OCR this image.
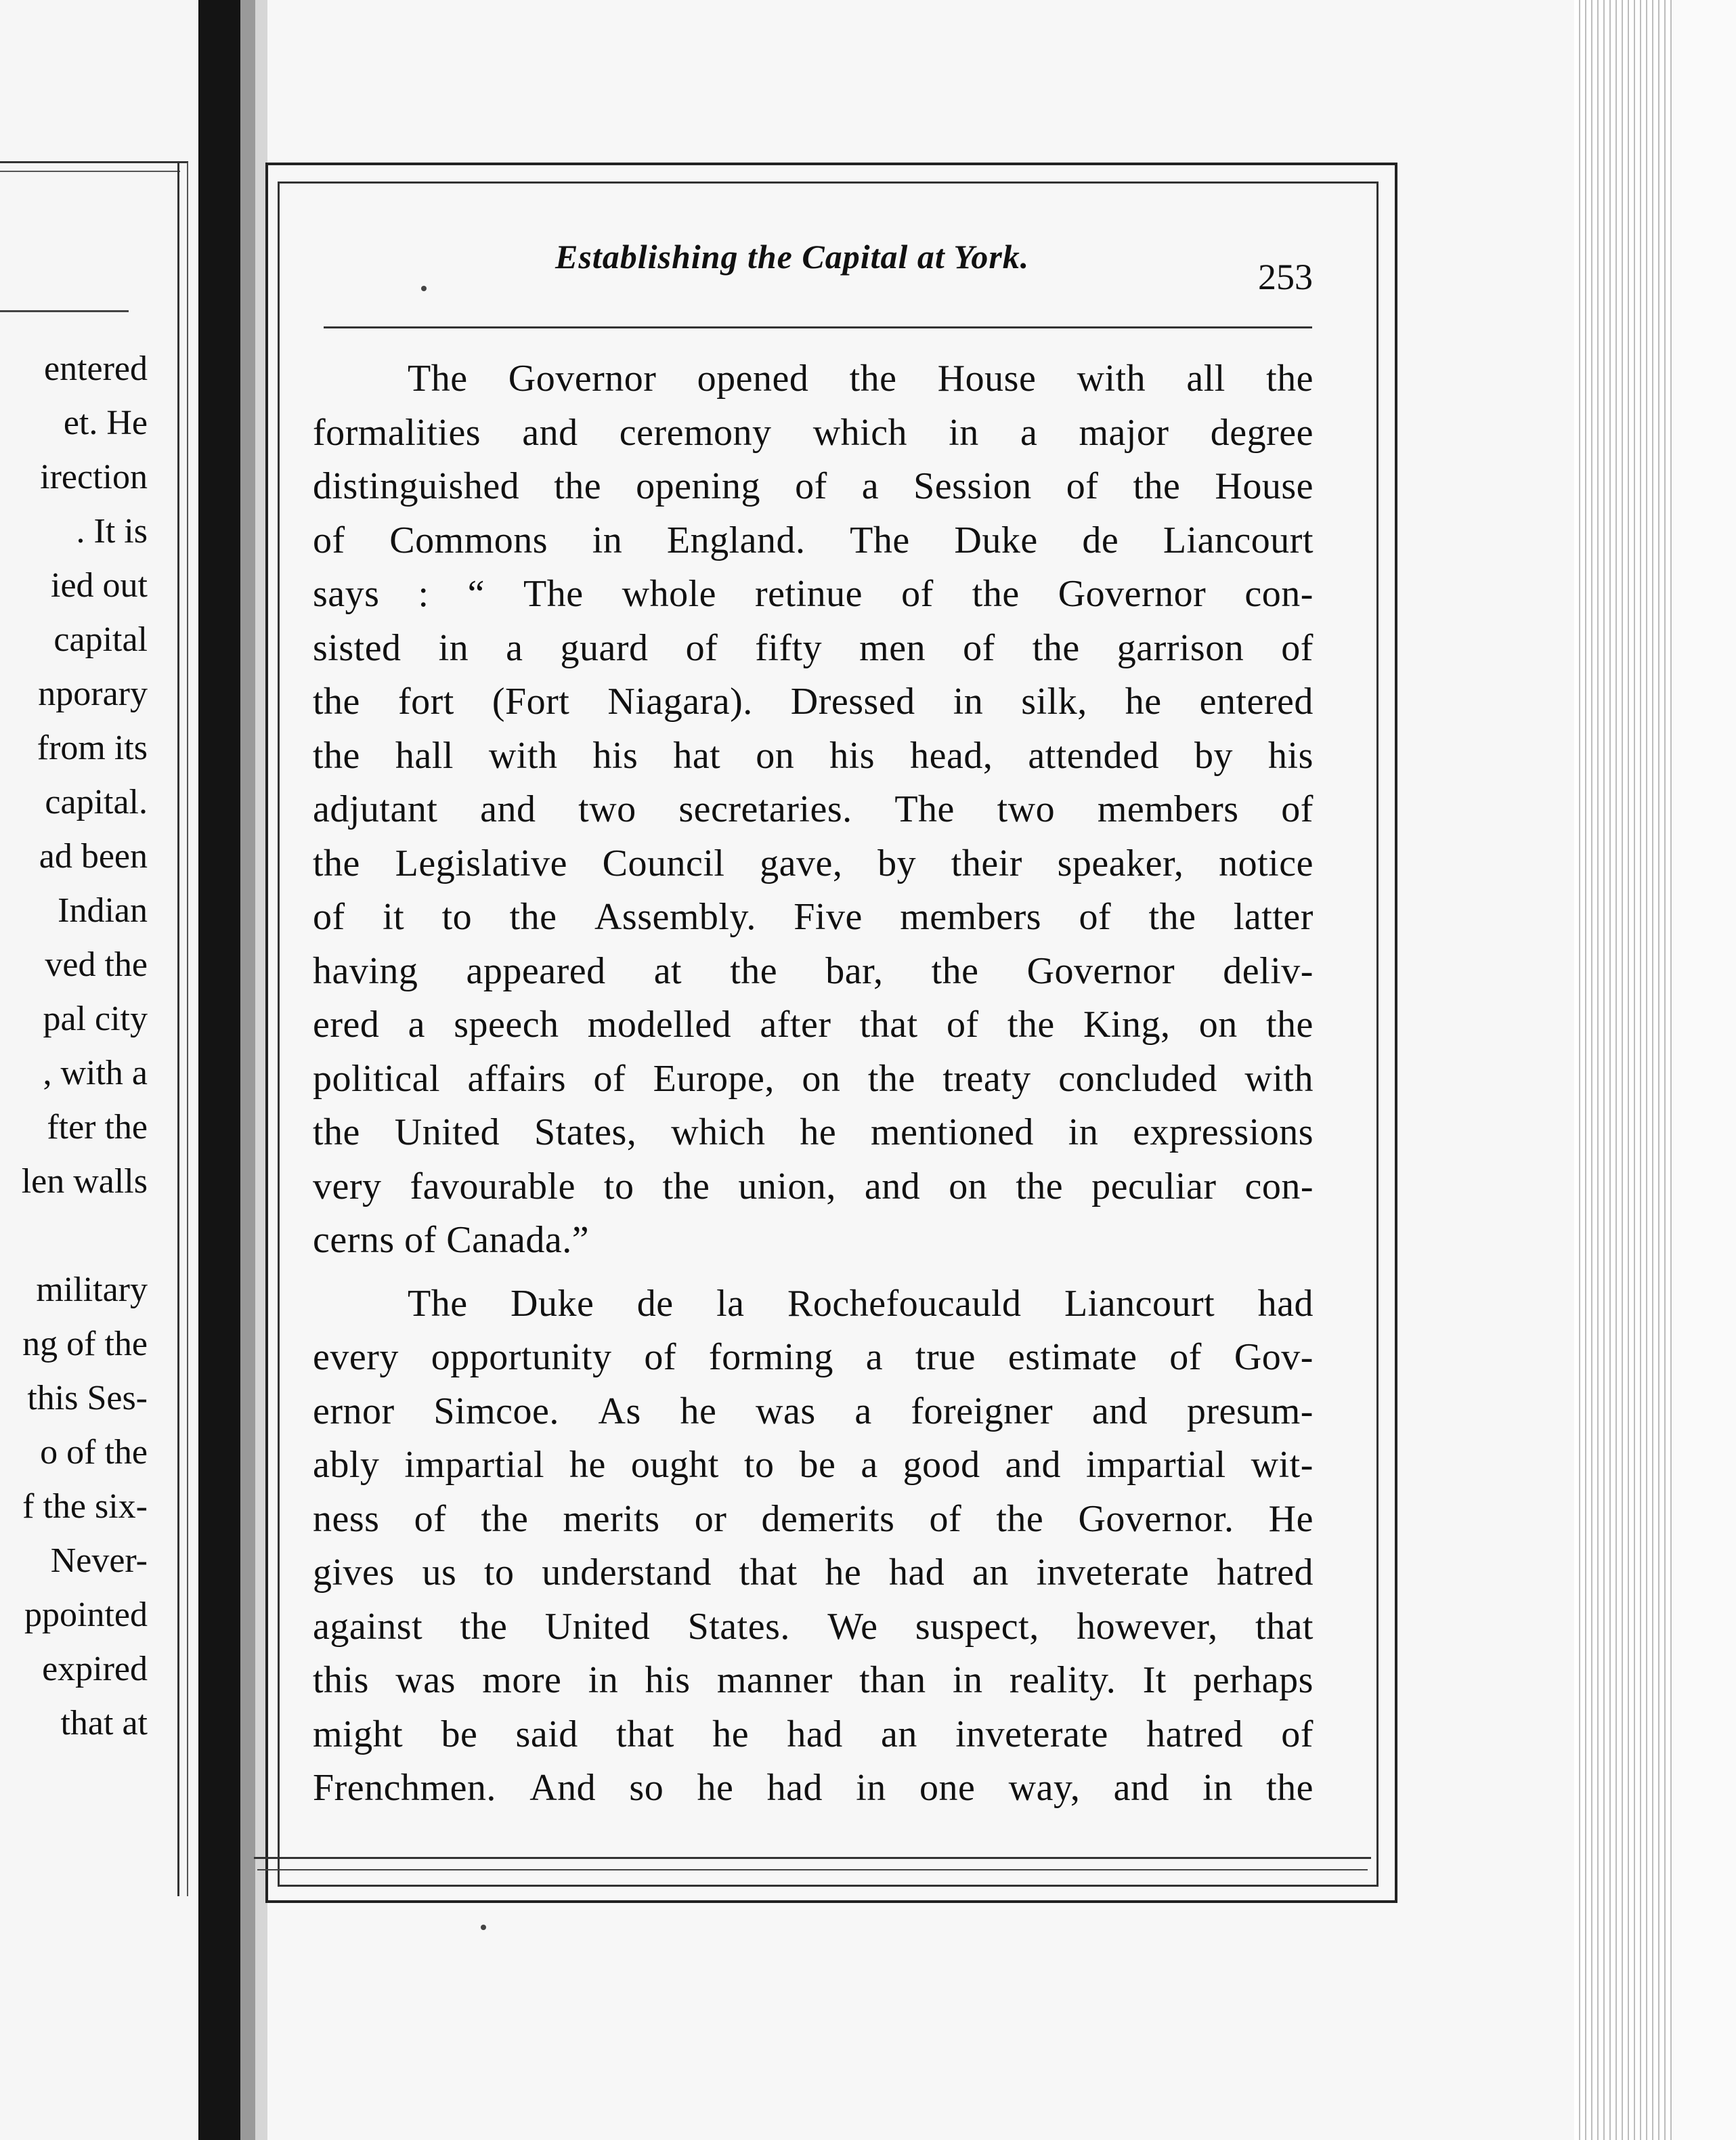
entered
et. He
irection
. It is
ied out
capital
nporary
from its
capital.
ad been
Indian
ved the
pal city
, with a
fter the
len walls
military
ng of the
this Ses-
o of the
f the six-
Never-
ppointed
expired
that at
Establishing the Capital at York.	253
The Governor opened the House with all the
formalities and ceremony which in a major degree
distinguished the opening of a Session of the House
of Commons in England. The Duke de Liancourt
says : “ The whole retinue of the Governor con-
sisted in a guard of fifty men of the garrison of
the fort (Fort Niagara). Dressed in silk, he entered
the hall with his hat on his head, attended by his
adjutant and two secretaries. The two members of
the Legislative Council gave, by their speaker, notice
of it to the Assembly. Five members of the latter
having appeared at the bar, the Governor deliv-
ered a speech modelled after that of the King, on the
political affairs of Europe, on the treaty concluded with
the United States, which he mentioned in expressions
very favourable to the union, and on the peculiar con-
cerns of Canada.”
The Duke de la Rochefoucauld Liancourt had
every opportunity of forming a true estimate of Gov-
ernor Simcoe. As he was a foreigner and presum-
ably impartial he ought to be a good and impartial wit-
ness of the merits or demerits of the Governor. He
gives us to understand that he had an inveterate hatred
against the United States. We suspect, however, that
this was more in his manner than in reality. It perhaps
might be said that he had an inveterate hatred of
Frenchmen. And so he had in one way, and in the
